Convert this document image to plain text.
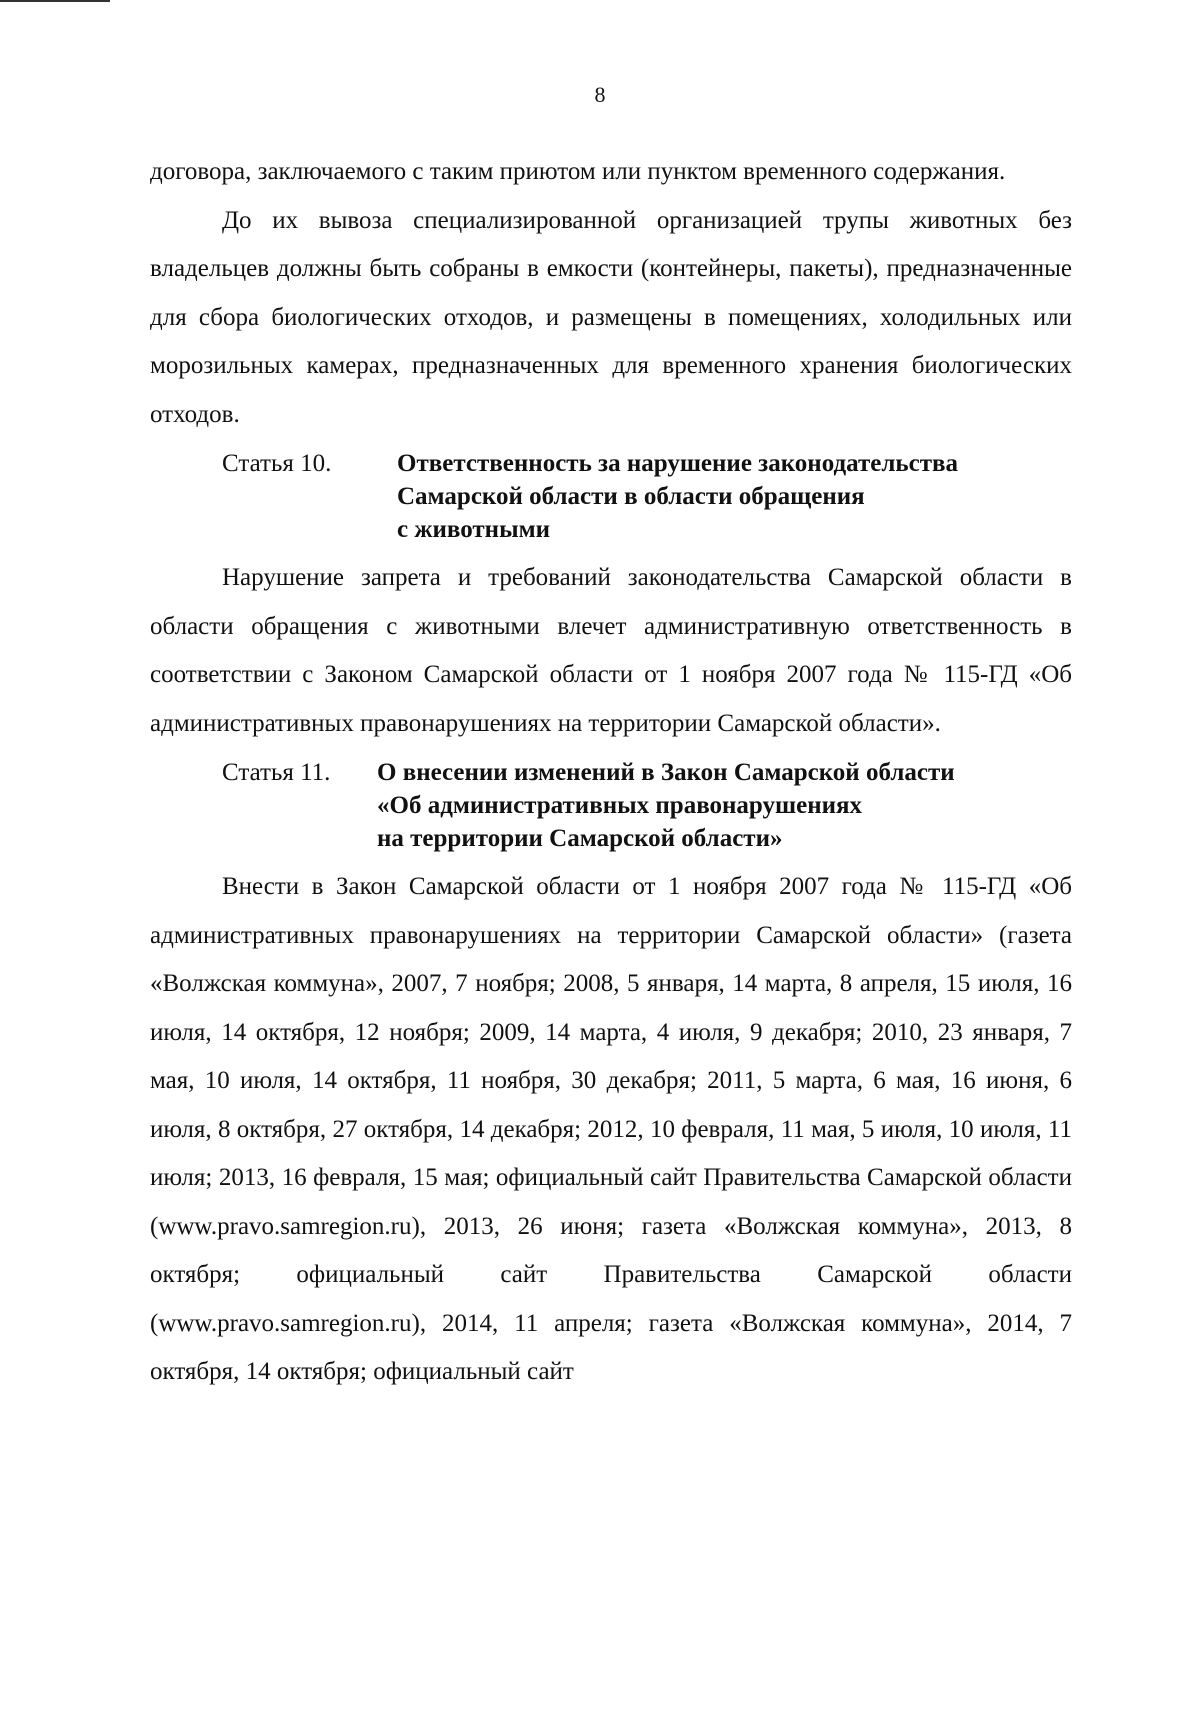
8

договора, заключаемого с таким приютом или пунктом временного содержания.

До их вывоза специализированной организацией трупы животных без владельцев должны быть собраны в емкости (контейнеры, пакеты), предназначенные для сбора биологических отходов, и размещены в помещениях, холодильных или морозильных камерах, предназначенных для временного хранения биологических отходов.

Статья 10.	Ответственность за нарушение законодательства
Самарской области в области обращения
с животными

Нарушение запрета и требований законодательства Самарской области в области обращения с животными влечет административную ответственность в соответствии с Законом Самарской области от 1 ноября 2007 года № 115-ГД «Об административных правонарушениях на территории Самарской области».

Статья 11.	О внесении изменений в Закон Самарской области
«Об административных правонарушениях
на территории Самарской области»

Внести в Закон Самарской области от 1 ноября 2007 года № 115-ГД «Об административных правонарушениях на территории Самарской области» (газета «Волжская коммуна», 2007, 7 ноября; 2008, 5 января, 14 марта, 8 апреля, 15 июля, 16 июля, 14 октября, 12 ноября; 2009, 14 марта, 4 июля, 9 декабря; 2010, 23 января, 7 мая, 10 июля, 14 октября, 11 ноября, 30 декабря; 2011, 5 марта, 6 мая, 16 июня, 6 июля, 8 октября, 27 октября, 14 декабря; 2012, 10 февраля, 11 мая, 5 июля, 10 июля, 11 июля; 2013, 16 февраля, 15 мая; официальный сайт Правительства Самарской области (www.pravo.samregion.ru), 2013, 26 июня; газета «Волжская коммуна», 2013, 8 октября; официальный сайт Правительства Самарской области (www.pravo.samregion.ru), 2014, 11 апреля; газета «Волжская коммуна», 2014, 7 октября, 14 октября; официальный сайт
